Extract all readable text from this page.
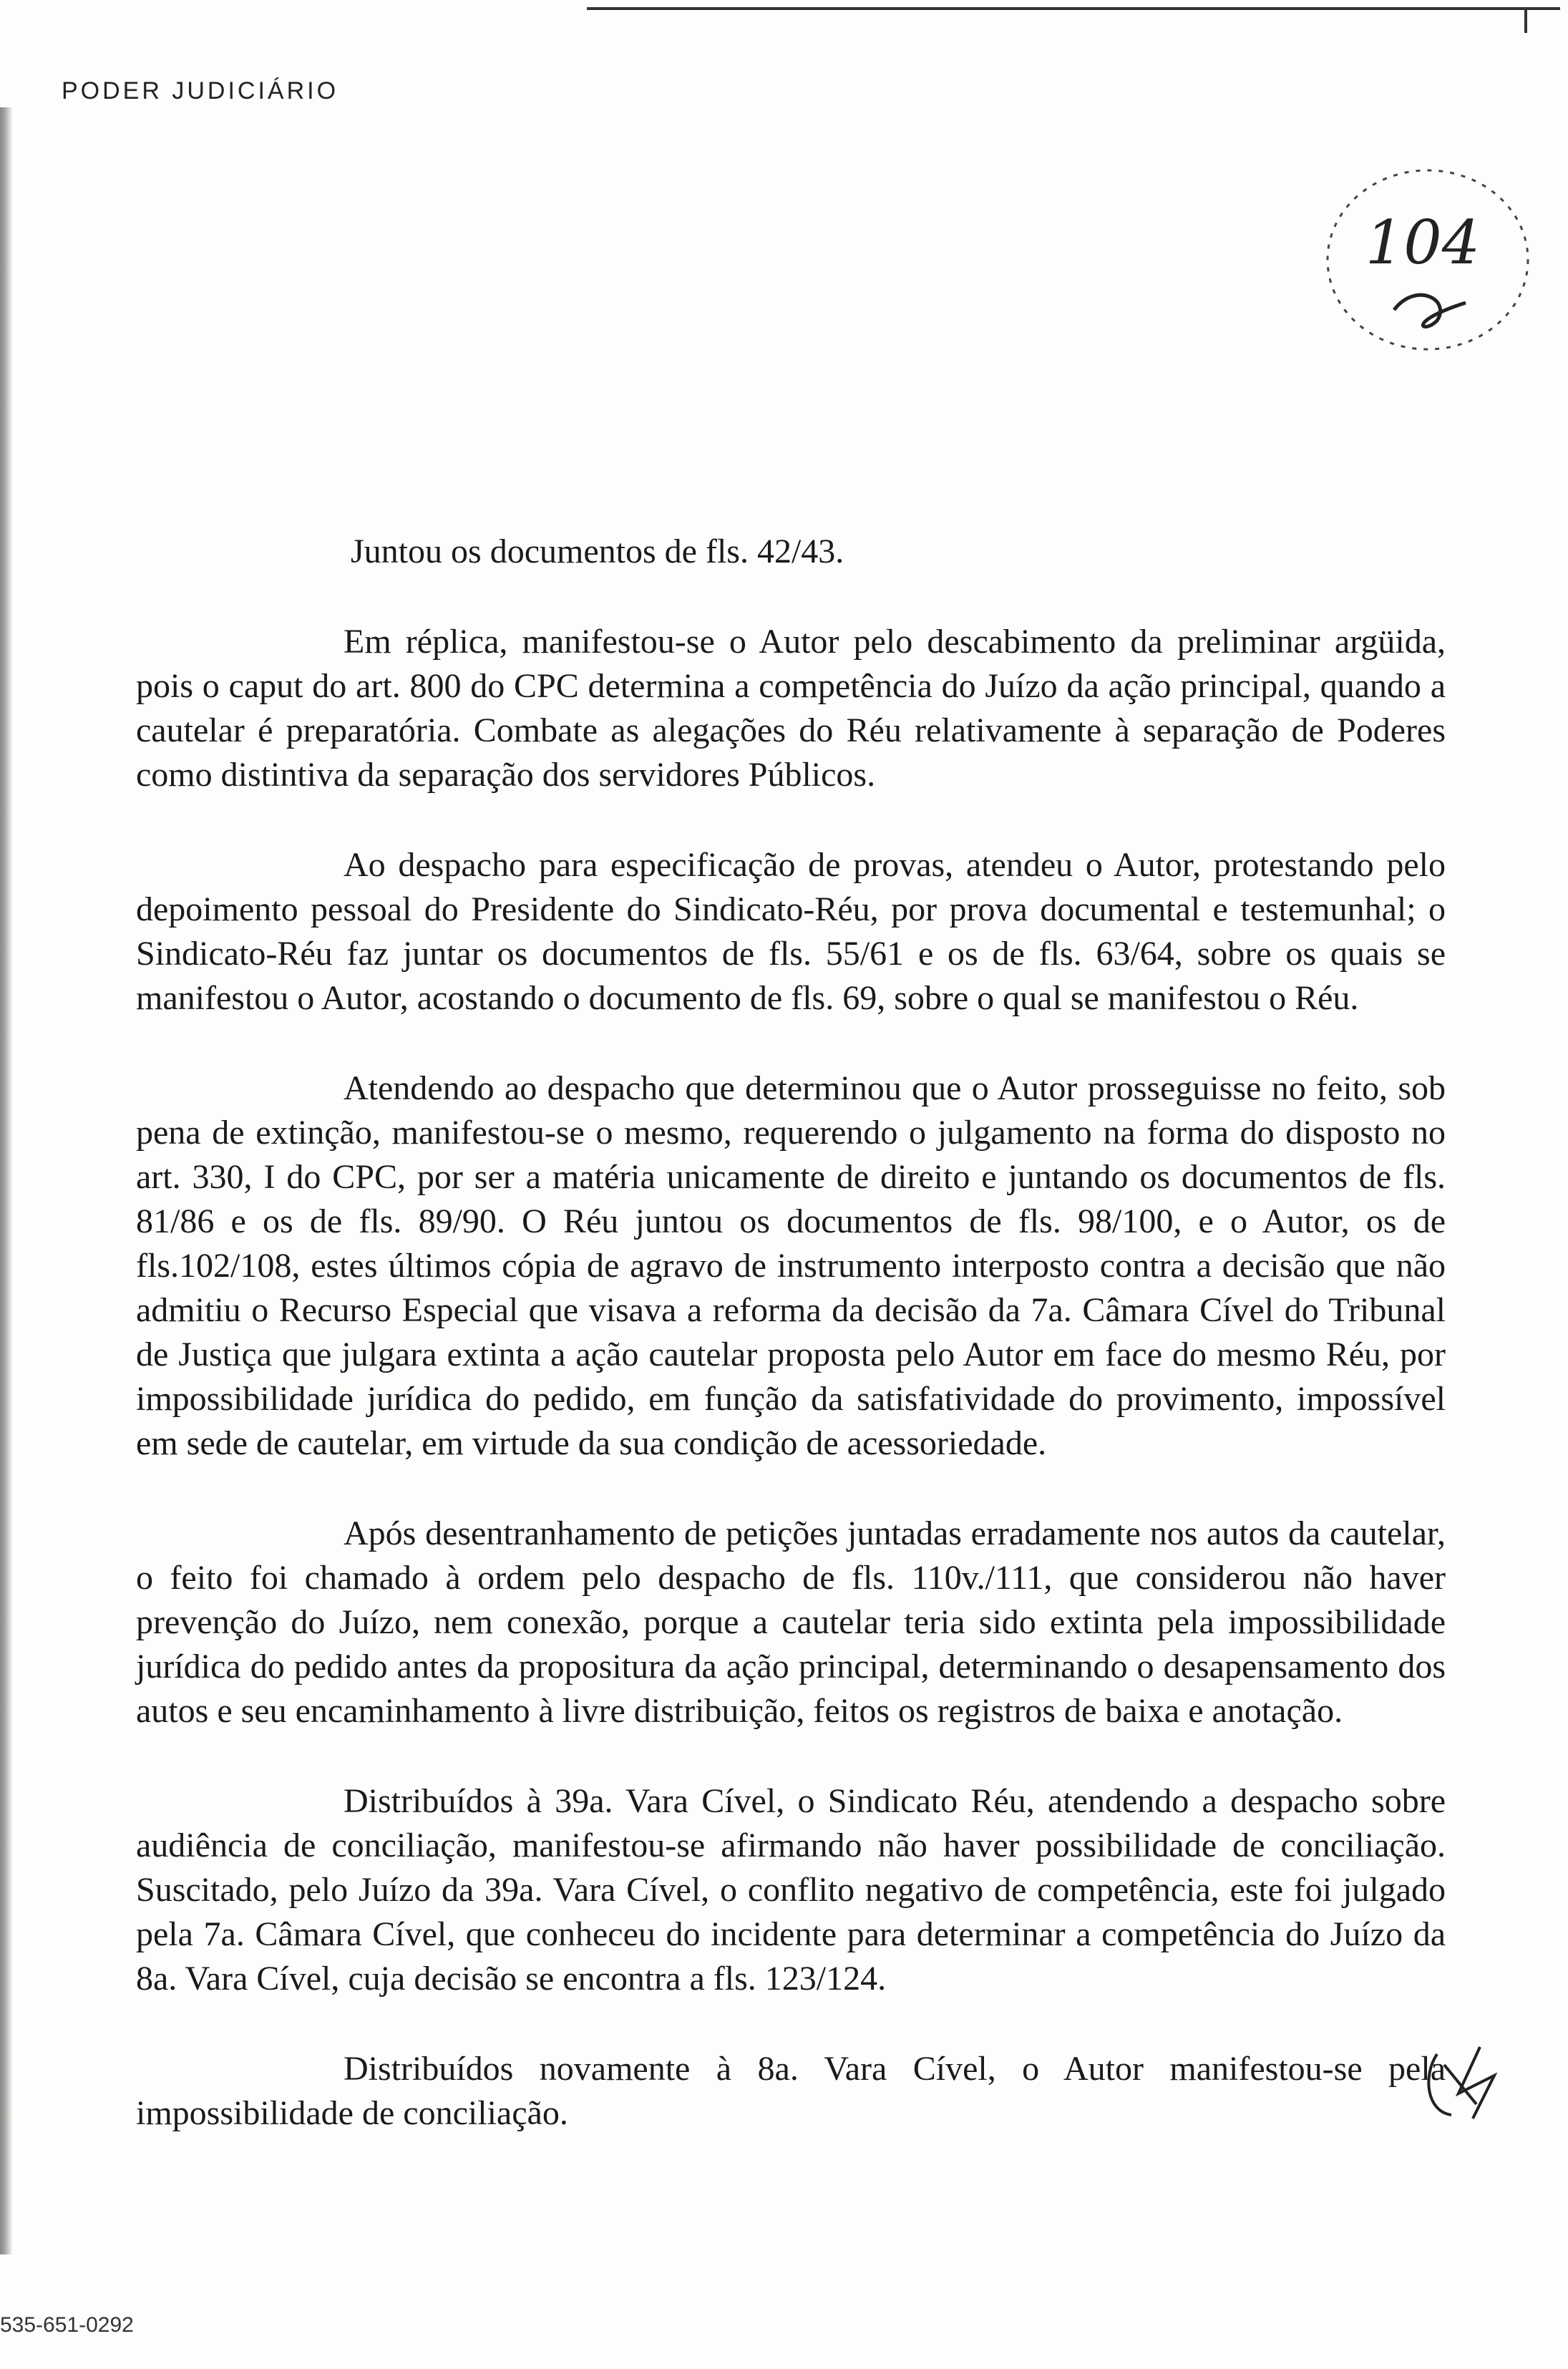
PODER JUDICIÁRIO
104

Juntou os documentos de fls. 42/43.

Em réplica, manifestou-se o Autor pelo descabimento da preliminar argüida, pois o caput do art. 800 do CPC determina a competência do Juízo da ação principal, quando a cautelar é preparatória. Combate as alegações do Réu relativamente à separação de Poderes como distintiva da separação dos servidores Públicos.

Ao despacho para especificação de provas, atendeu o Autor, protestando pelo depoimento pessoal do Presidente do Sindicato-Réu, por prova documental e testemunhal; o Sindicato-Réu faz juntar os documentos de fls. 55/61 e os de fls. 63/64, sobre os quais se manifestou o Autor, acostando o documento de fls. 69, sobre o qual se manifestou o Réu.

Atendendo ao despacho que determinou que o Autor prosseguisse no feito, sob pena de extinção, manifestou-se o mesmo, requerendo o julgamento na forma do disposto no art. 330, I do CPC, por ser a matéria unicamente de direito e juntando os documentos de fls. 81/86 e os de fls. 89/90. O Réu juntou os documentos de fls. 98/100, e o Autor, os de fls.102/108, estes últimos cópia de agravo de instrumento interposto contra a decisão que não admitiu o Recurso Especial que visava a reforma da decisão da 7a. Câmara Cível do Tribunal de Justiça que julgara extinta a ação cautelar proposta pelo Autor em face do mesmo Réu, por impossibilidade jurídica do pedido, em função da satisfatividade do provimento, impossível em sede de cautelar, em virtude da sua condição de acessoriedade.

Após desentranhamento de petições juntadas erradamente nos autos da cautelar, o feito foi chamado à ordem pelo despacho de fls. 110v./111, que considerou não haver prevenção do Juízo, nem conexão, porque a cautelar teria sido extinta pela impossibilidade jurídica do pedido antes da propositura da ação principal, determinando o desapensamento dos autos e seu encaminhamento à livre distribuição, feitos os registros de baixa e anotação.

Distribuídos à 39a. Vara Cível, o Sindicato Réu, atendendo a despacho sobre audiência de conciliação, manifestou-se afirmando não haver possibilidade de conciliação. Suscitado, pelo Juízo da 39a. Vara Cível, o conflito negativo de competência, este foi julgado pela 7a. Câmara Cível, que conheceu do incidente para determinar a competência do Juízo da 8a. Vara Cível, cuja decisão se encontra a fls. 123/124.

Distribuídos novamente à 8a. Vara Cível, o Autor manifestou-se pela impossibilidade de conciliação.

535-651-0292
